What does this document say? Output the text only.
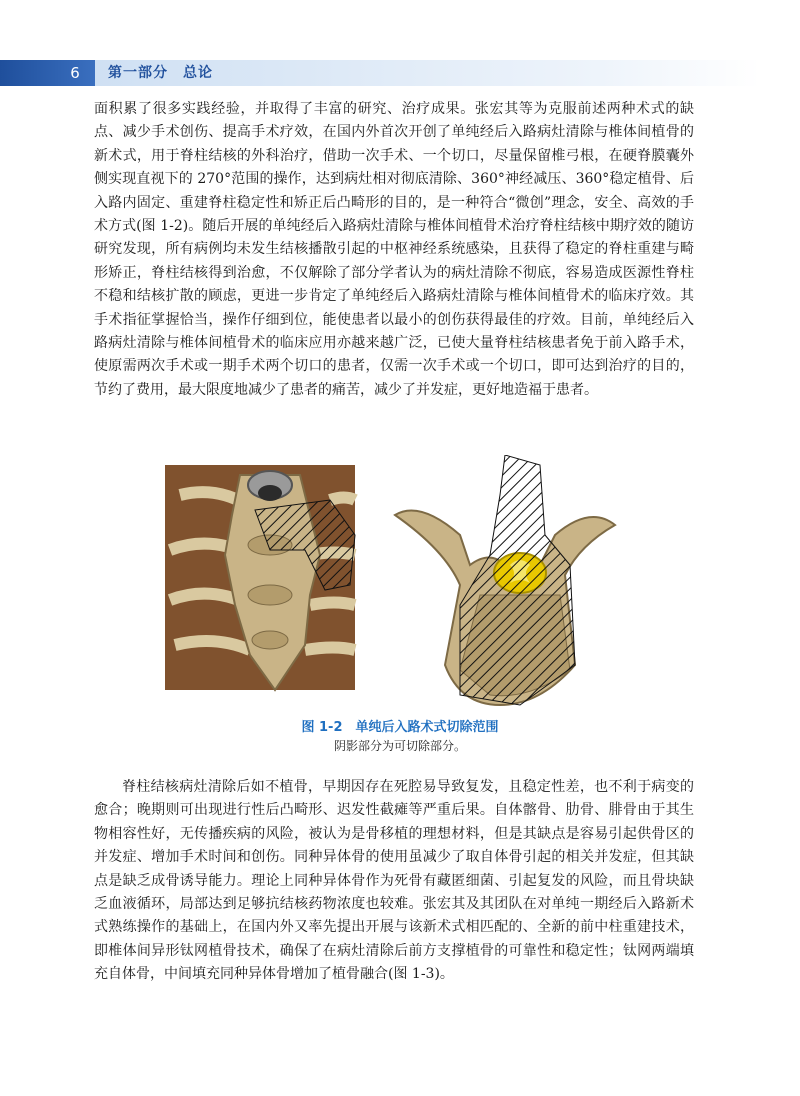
6	第一部分　总论

面积累了很多实践经验，并取得了丰富的研究、治疗成果。张宏其等为克服前述两种术式的缺点、减少手术创伤、提高手术疗效，在国内外首次开创了单纯经后入路病灶清除与椎体间植骨的新术式，用于脊柱结核的外科治疗，借助一次手术、一个切口，尽量保留椎弓根，在硬脊膜囊外侧实现直视下的 270°范围的操作，达到病灶相对彻底清除、360°神经减压、360°稳定植骨、后入路内固定、重建脊柱稳定性和矫正后凸畸形的目的，是一种符合“微创”理念，安全、高效的手术方式(图 1-2)。随后开展的单纯经后入路病灶清除与椎体间植骨术治疗脊柱结核中期疗效的随访研究发现，所有病例均未发生结核播散引起的中枢神经系统感染，且获得了稳定的脊柱重建与畸形矫正，脊柱结核得到治愈，不仅解除了部分学者认为的病灶清除不彻底，容易造成医源性脊柱不稳和结核扩散的顾虑，更进一步肯定了单纯经后入路病灶清除与椎体间植骨术的临床疗效。其手术指征掌握恰当，操作仔细到位，能使患者以最小的创伤获得最佳的疗效。目前，单纯经后入路病灶清除与椎体间植骨术的临床应用亦越来越广泛，已使大量脊柱结核患者免于前入路手术，使原需两次手术或一期手术两个切口的患者，仅需一次手术或一个切口，即可达到治疗的目的，节约了费用，最大限度地减少了患者的痛苦，减少了并发症，更好地造福于患者。

图 1-2　单纯后入路术式切除范围
阴影部分为可切除部分。

脊柱结核病灶清除后如不植骨，早期因存在死腔易导致复发，且稳定性差，也不利于病变的愈合；晚期则可出现进行性后凸畸形、迟发性截瘫等严重后果。自体髂骨、肋骨、腓骨由于其生物相容性好，无传播疾病的风险，被认为是骨移植的理想材料，但是其缺点是容易引起供骨区的并发症、增加手术时间和创伤。同种异体骨的使用虽减少了取自体骨引起的相关并发症，但其缺点是缺乏成骨诱导能力。理论上同种异体骨作为死骨有藏匿细菌、引起复发的风险，而且骨块缺乏血液循环，局部达到足够抗结核药物浓度也较难。张宏其及其团队在对单纯一期经后入路新术式熟练操作的基础上，在国内外又率先提出开展与该新术式相匹配的、全新的前中柱重建技术，即椎体间异形钛网植骨技术，确保了在病灶清除后前方支撑植骨的可靠性和稳定性；钛网两端填充自体骨，中间填充同种异体骨增加了植骨融合(图 1-3)。
